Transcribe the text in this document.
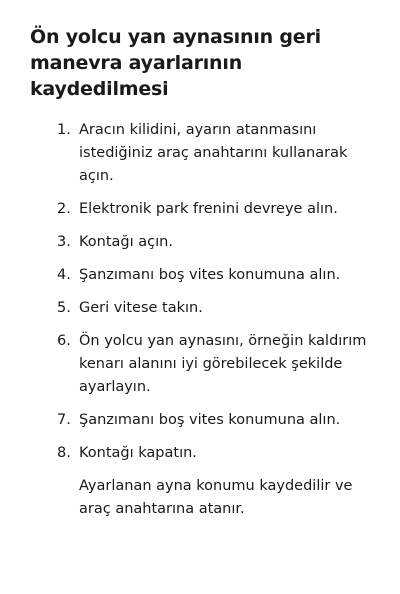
Ön yolcu yan aynasının geri manevra ayarlarının kaydedilmesi
1. Aracın kilidini, ayarın atanmasını istediğiniz araç anahtarını kullanarak açın.
2. Elektronik park frenini devreye alın.
3. Kontağı açın.
4. Şanzımanı boş vites konumuna alın.
5. Geri vitese takın.
6. Ön yolcu yan aynasını, örneğin kaldırım kenarı alanını iyi görebilecek şekilde ayarlayın.
7. Şanzımanı boş vites konumuna alın.
8. Kontağı kapatın.

Ayarlanan ayna konumu kaydedilir ve araç anahtarına atanır.
